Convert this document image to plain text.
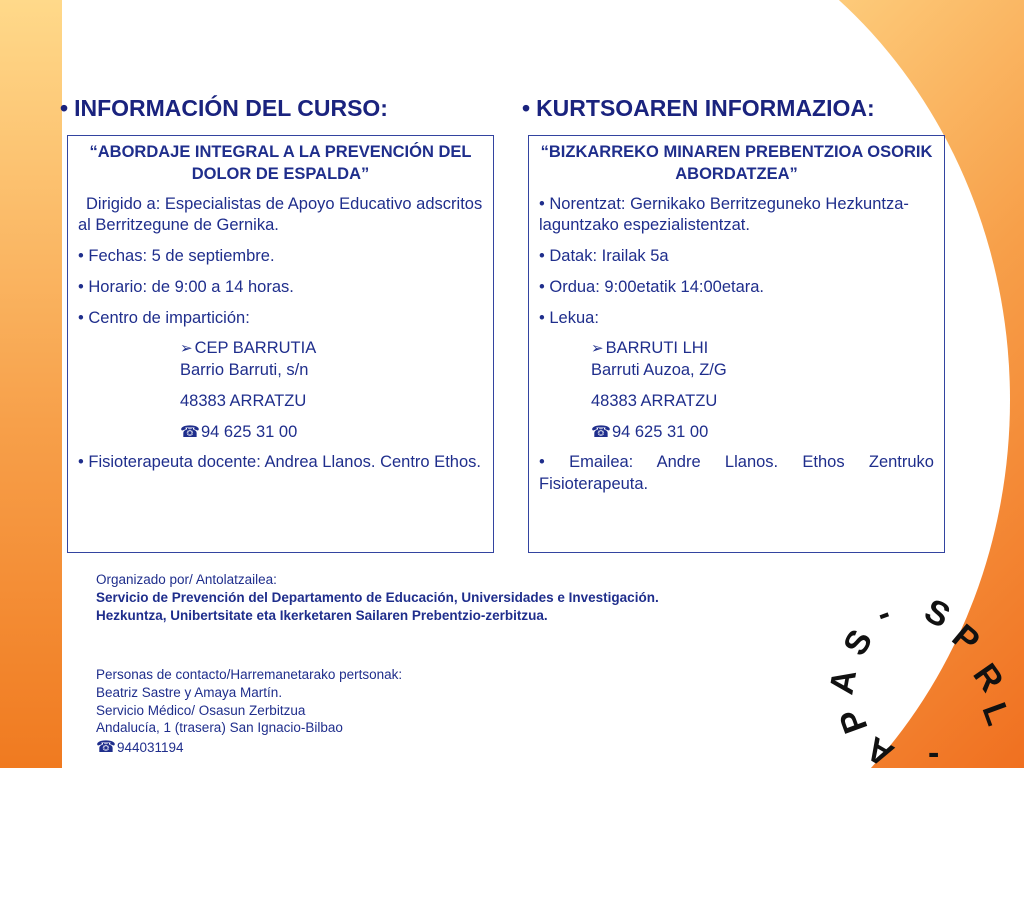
• INFORMACIÓN DEL CURSO:
“ABORDAJE INTEGRAL A LA PREVENCIÓN DEL DOLOR DE ESPALDA”

Dirigido a: Especialistas de Apoyo Educativo adscritos al Berritzegune de Gernika.

• Fechas: 5 de septiembre.

• Horario: de 9:00 a 14 horas.

• Centro de impartición:

➢ CEP BARRUTIA

Barrio Barruti, s/n

48383 ARRATZU

☎94 625 31 00

• Fisioterapeuta docente: Andrea Llanos. Centro Ethos.

• KURTSOAREN INFORMAZIOA:
“BIZKARREKO MINAREN PREBENTZIOA OSORIK ABORDATZEA”

• Norentzat: Gernikako Berritzeguneko Hezkuntza-laguntzako espezialistentzat.

• Datak: Irailak 5a

• Ordua: 9:00etatik 14:00etara.

• Lekua:

➢ BARRUTI LHI

Barruti Auzoa, Z/G

48383 ARRATZU

☎94 625 31 00

• Emailea: Andre Llanos. Ethos Zentruko Fisioterapeuta.

Organizado por/ Antolatzailea:
Servicio de Prevención del Departamento de Educación, Universidades e Investigación.
Hezkuntza, Unibertsitate eta Ikerketaren Sailaren Prebentzio-zerbitzua.
Personas de contacto/Harremanetarako pertsonak:
Beatriz Sastre y Amaya Martín.
Servicio Médico/ Osasun Zerbitzua
Andalucía, 1 (trasera) San Ignacio-Bilbao
☎944031194
S
P
R
L
-
S
A
P
A -
